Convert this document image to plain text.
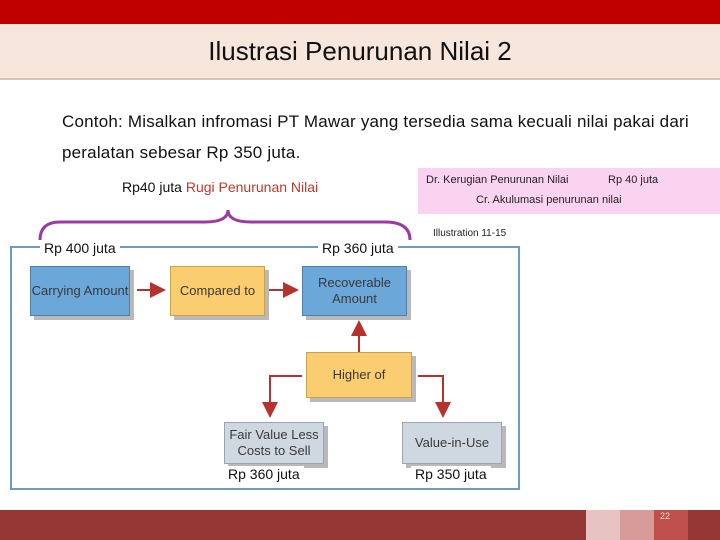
Ilustrasi Penurunan Nilai 2
Contoh: Misalkan infromasi PT Mawar yang tersedia sama kecuali nilai pakai dari peralatan sebesar Rp 350 juta.
Rp40 juta Rugi Penurunan Nilai	Dr. Kerugian Penurunan Nilai	Rp 40 juta
Cr. Akulumasi penurunan nilai
Illustration 11-15
Carrying Amount	Compared to
Recoverable Amount
Higher of
Fair Value Less Costs to Sell
Value-in-Use
Rp 400 juta	Rp 360 juta
Rp 360 juta	Rp 350 juta
22
